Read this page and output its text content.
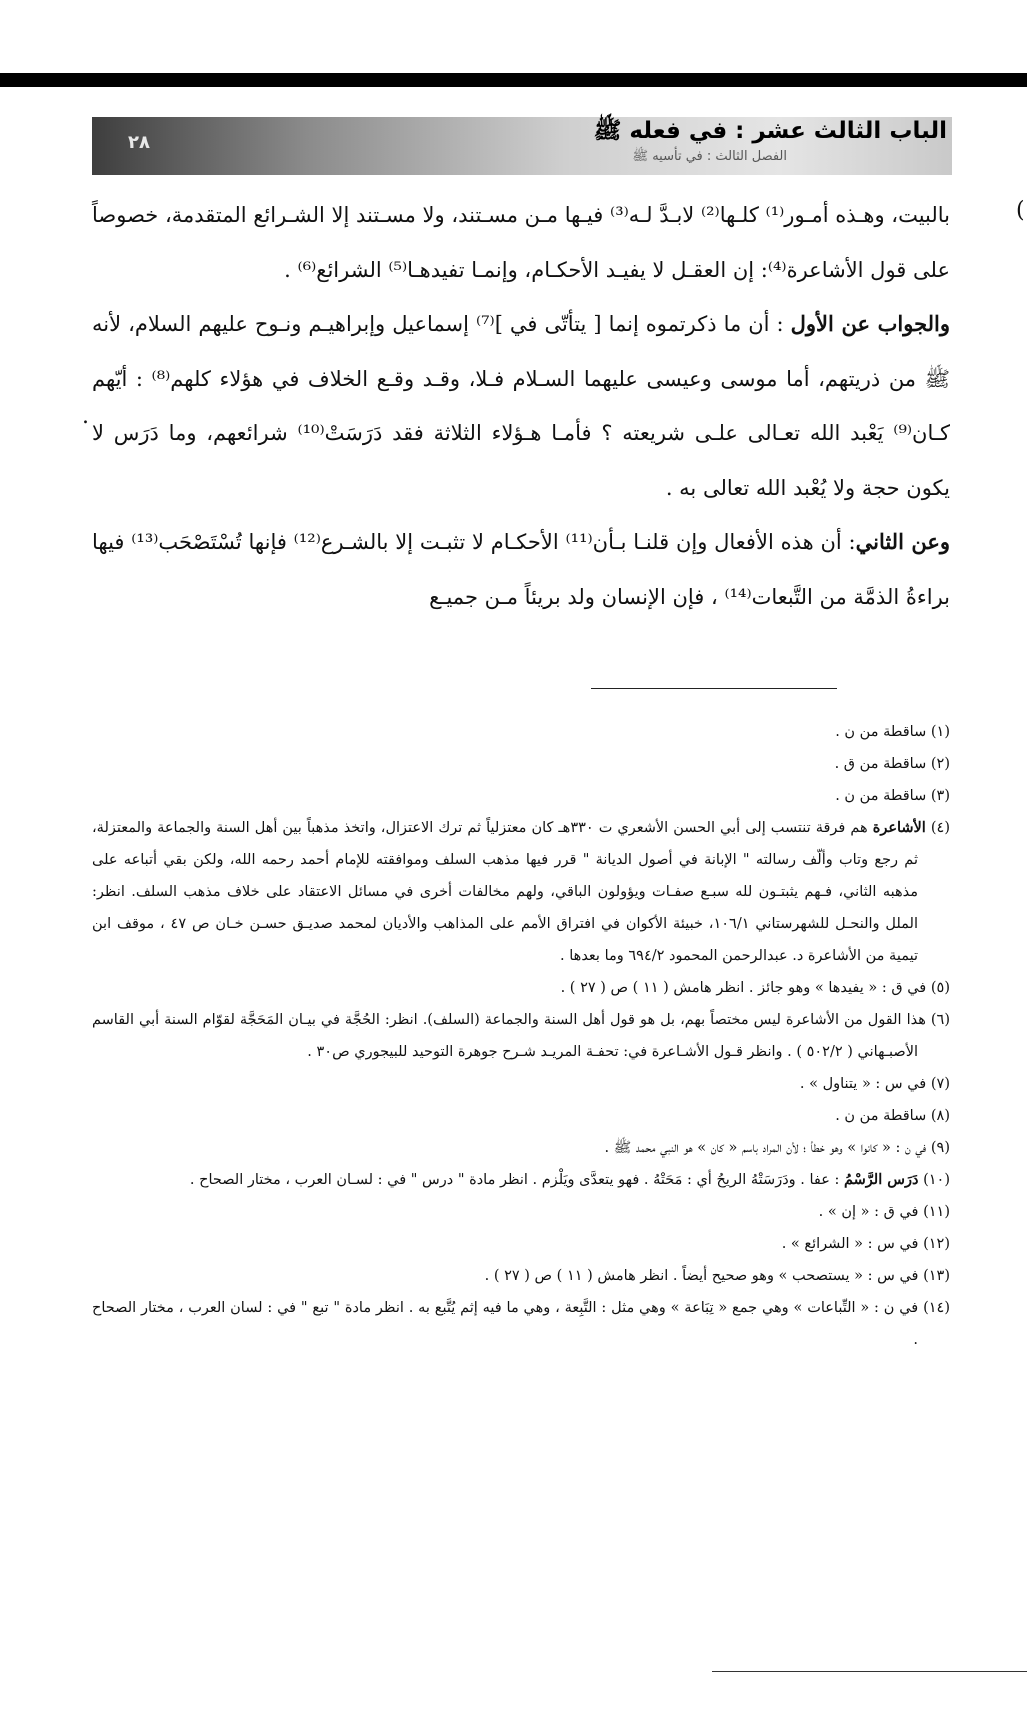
الباب الثالث عشر : في فعله ﷺ
الفصل الثالث : في تأسيه ﷺ
٢٨
(
.

بالبيت، وهـذه أمـور⁽¹⁾ كلـها⁽²⁾ لابـدَّ لـه⁽³⁾ فيـها مـن مسـتند، ولا مسـتند إلا الشـرائع المتقدمة، خصوصاً على قول الأشاعرة⁽⁴⁾: إن العقـل لا يفيـد الأحكـام، وإنمـا تفيدهـا⁽⁵⁾ الشرائع⁽⁶⁾ .

والجواب عن الأول : أن ما ذكرتموه إنما [ يتأتّى في ]⁽⁷⁾ إسماعيل وإبراهيـم ونـوح عليهم السلام، لأنه ﷺ من ذريتهم، أما موسى وعيسى عليهما السـلام فـلا، وقـد وقـع الخلاف في هؤلاء كلهم⁽⁸⁾ : أيّهم كـان⁽⁹⁾ يَعْبد الله تعـالى علـى شريعته ؟ فأمـا هـؤلاء الثلاثة فقد دَرَسَتْ⁽¹⁰⁾ شرائعهم، وما دَرَس لا يكون حجة ولا يُعْبد الله تعالى به .

وعن الثاني: أن هذه الأفعال وإن قلنـا بـأن⁽¹¹⁾ الأحكـام لا تثبـت إلا بالشـرع⁽¹²⁾ فإنها تُسْتَصْحَب⁽¹³⁾ فيها براءةُ الذمَّة من التَّبعات⁽¹⁴⁾ ، فإن الإنسان ولد بريئاً مـن جميـع

(١) ساقطة من ن .

(٢) ساقطة من ق .

(٣) ساقطة من ن .

(٤) الأشاعرة هم فرقة تنتسب إلى أبي الحسن الأشعري ت ٣٣٠هـ كان معتزلياً ثم ترك الاعتزال، واتخذ مذهباً بين أهل السنة والجماعة والمعتزلة، ثم رجع وتاب وألّف رسالته " الإبانة في أصول الديانة " قرر فيها مذهب السلف وموافقته للإمام أحمد رحمه الله، ولكن بقي أتباعه على مذهبه الثاني، فـهم يثبتـون لله سبـع صفـات ويؤولون الباقي، ولهم مخالفات أخرى في مسائل الاعتقاد على خلاف مذهب السلف. انظر: الملل والنحـل للشهرستاني ١٠٦/١، خبيئة الأكوان في افتراق الأمم على المذاهب والأديان لمحمد صديـق حسـن خـان ص ٤٧ ، موقف ابن تيمية من الأشاعرة د. عبدالرحمن المحمود ٦٩٤/٢ وما بعدها .

(٥) في ق : « يفيدها » وهو جائز . انظر هامش ( ١١ ) ص ( ٢٧ ) .

(٦) هذا القول من الأشاعرة ليس مختصاً بهم، بل هو قول أهل السنة والجماعة (السلف). انظر: الحُجَّة في بيـان المَحَجَّة لقوّام السنة أبي القاسم الأصبـهاني ( ٥٠٢/٢ ) . وانظر قـول الأشـاعرة في: تحفـة المريـد شـرح جوهرة التوحيد للبيجوري ص٣٠ .

(٧) في س : « يتناول » .

(٨) ساقطة من ن .

(٩) في ن : « كانوا » وهو خطأ ؛ لأن المراد باسم « كان » هو النبي محمد ﷺ .

(١٠) دَرَس الرَّسْمُ : عفا . ودَرَسَتْهُ الريحُ أي : مَحَتْهُ . فهو يتعدَّى ويَلْزم . انظر مادة " درس " في : لسـان العرب ، مختار الصحاح .

(١١) في ق : « إن » .

(١٢) في س : « الشرائع » .

(١٣) في س : « يستصحب » وهو صحيح أيضاً . انظر هامش ( ١١ ) ص ( ٢٧ ) .

(١٤) في ن : « التِّباعات » وهي جمع « تِبَاعة » وهي مثل : التَّبِعة ، وهي ما فيه إثم يُتَّبع به . انظر مادة " تبع " في : لسان العرب ، مختار الصحاح .
